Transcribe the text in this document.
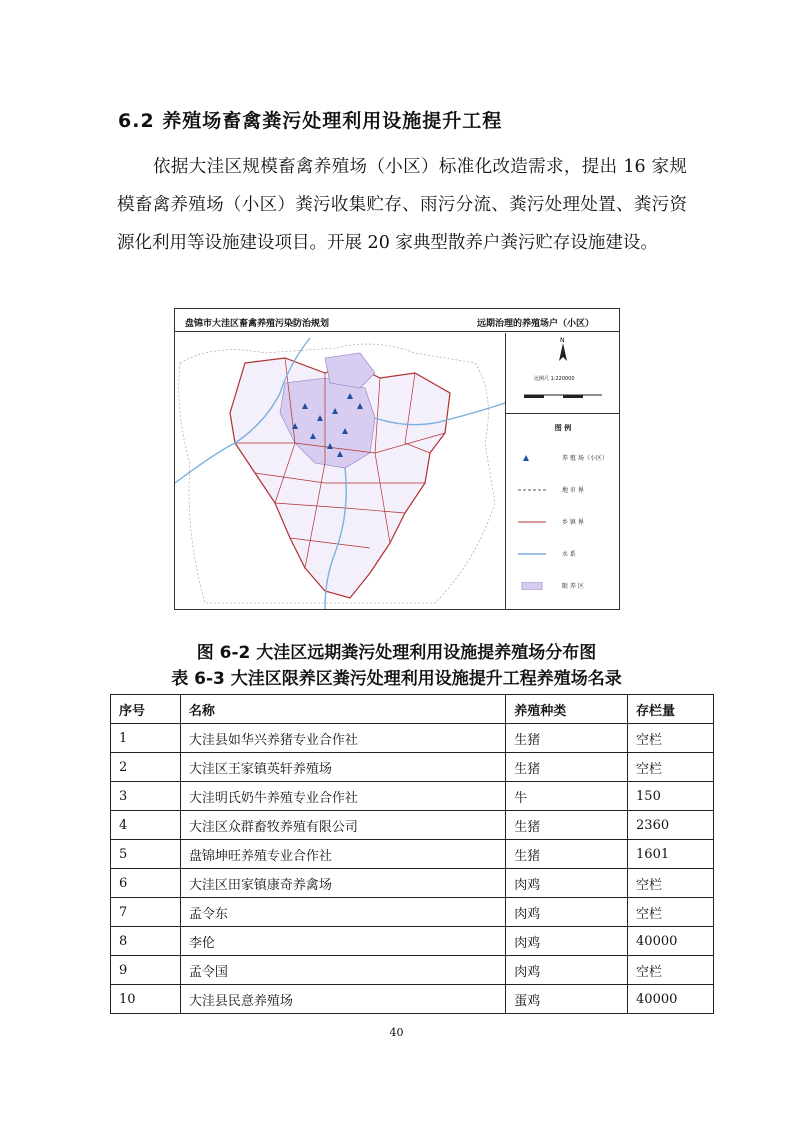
6.2 养殖场畜禽粪污处理利用设施提升工程
依据大洼区规模畜禽养殖场（小区）标准化改造需求，提出 16 家规模畜禽养殖场（小区）粪污收集贮存、雨污分流、粪污处理处置、粪污资源化利用等设施建设项目。开展 20 家典型散养户粪污贮存设施建设。
盘锦市大洼区畜禽养殖污染防治规划	远期治理的养殖场户（小区）
N
比例尺 1:220000
图 例
养 殖 场（小区）
地 市 界
乡 镇 界
水 系
限 养 区
图 6-2 大洼区远期粪污处理利用设施提养殖场分布图
表 6-3 大洼区限养区粪污处理利用设施提升工程养殖场名录
序号	名称	养殖种类	存栏量
1	大洼县如华兴养猪专业合作社	生猪	空栏
2	大洼区王家镇英轩养殖场	生猪	空栏
3	大洼明氏奶牛养殖专业合作社	牛	150
4	大洼区众群畜牧养殖有限公司	生猪	2360
5	盘锦坤旺养殖专业合作社	生猪	1601
6	大洼区田家镇康奇养禽场	肉鸡	空栏
7	孟令东	肉鸡	空栏
8	李伦	肉鸡	40000
9	孟令国	肉鸡	空栏
10	大洼县民意养殖场	蛋鸡	40000
40
